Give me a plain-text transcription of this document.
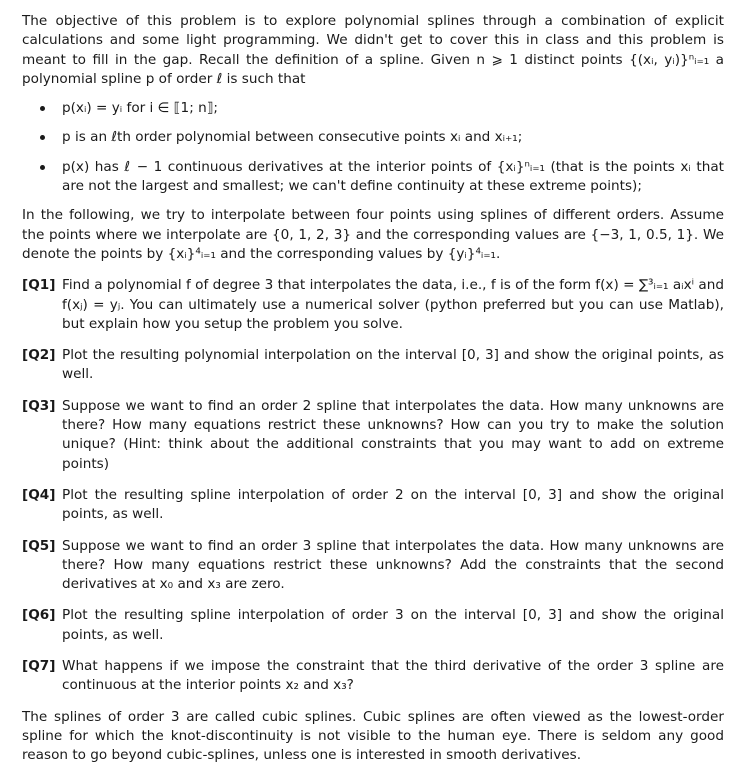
The objective of this problem is to explore polynomial splines through a combination of explicit calculations and some light programming. We didn't get to cover this in class and this problem is meant to fill in the gap. Recall the definition of a spline. Given n ⩾ 1 distinct points {(xᵢ, yᵢ)}ⁿᵢ₌₁ a polynomial spline p of order ℓ is such that

p(xᵢ) = yᵢ for i ∈ ⟦1; n⟧;
p is an ℓth order polynomial between consecutive points xᵢ and xᵢ₊₁;
p(x) has ℓ − 1 continuous derivatives at the interior points of {xᵢ}ⁿᵢ₌₁ (that is the points xᵢ that are not the largest and smallest; we can't define continuity at these extreme points);

In the following, we try to interpolate between four points using splines of different orders. Assume the points where we interpolate are {0, 1, 2, 3} and the corresponding values are {−3, 1, 0.5, 1}. We denote the points by {xᵢ}⁴ᵢ₌₁ and the corresponding values by {yᵢ}⁴ᵢ₌₁.

[Q1] Find a polynomial f of degree 3 that interpolates the data, i.e., f is of the form f(x) = ∑³ᵢ₌₁ aᵢxⁱ and f(xⱼ) = yⱼ. You can ultimately use a numerical solver (python preferred but you can use Matlab), but explain how you setup the problem you solve.
[Q2] Plot the resulting polynomial interpolation on the interval [0, 3] and show the original points, as well.
[Q3] Suppose we want to find an order 2 spline that interpolates the data. How many unknowns are there? How many equations restrict these unknowns? How can you try to make the solution unique? (Hint: think about the additional constraints that you may want to add on extreme points)
[Q4] Plot the resulting spline interpolation of order 2 on the interval [0, 3] and show the original points, as well.
[Q5] Suppose we want to find an order 3 spline that interpolates the data. How many unknowns are there? How many equations restrict these unknowns? Add the constraints that the second derivatives at x₀ and x₃ are zero.
[Q6] Plot the resulting spline interpolation of order 3 on the interval [0, 3] and show the original points, as well.
[Q7] What happens if we impose the constraint that the third derivative of the order 3 spline are continuous at the interior points x₂ and x₃?

The splines of order 3 are called cubic splines. Cubic splines are often viewed as the lowest-order spline for which the knot-discontinuity is not visible to the human eye. There is seldom any good reason to go beyond cubic-splines, unless one is interested in smooth derivatives.
